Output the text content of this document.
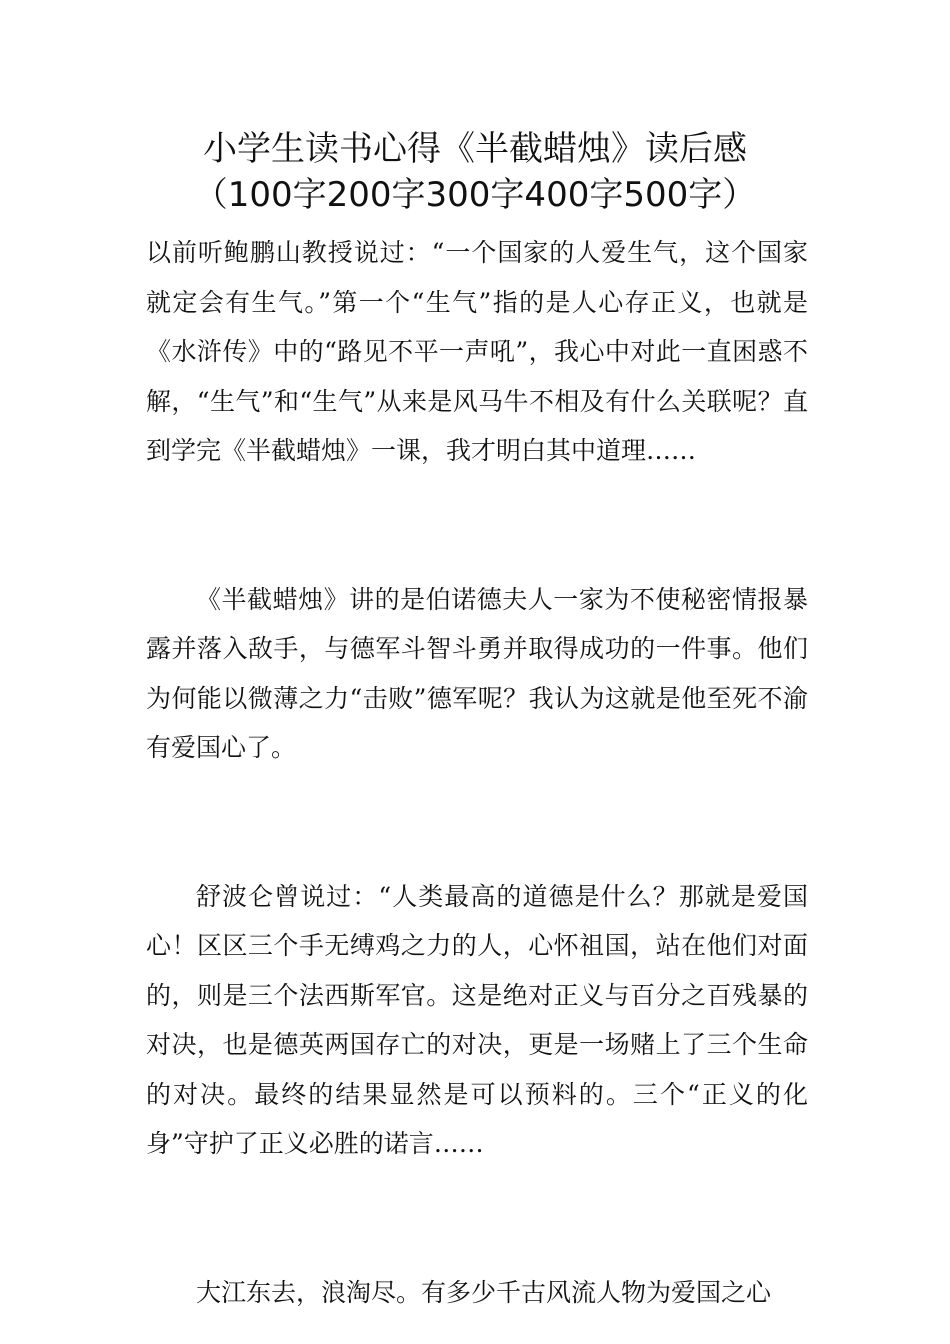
小学生读书心得《半截蜡烛》读后感
（100字200字300字400字500字）

以前听鲍鹏山教授说过：“一个国家的人爱生气，这个国家就定会有生气。”第一个“生气”指的是人心存正义，也就是《水浒传》中的“路见不平一声吼”，我心中对此一直困惑不解，“生气”和“生气”从来是风马牛不相及有什么关联呢？直到学完《半截蜡烛》一课，我才明白其中道理……

《半截蜡烛》讲的是伯诺德夫人一家为不使秘密情报暴露并落入敌手，与德军斗智斗勇并取得成功的一件事。他们为何能以微薄之力“击败”德军呢？我认为这就是他至死不渝有爱国心了。

舒波仑曾说过：“人类最高的道德是什么？那就是爱国心！区区三个手无缚鸡之力的人，心怀祖国，站在他们对面的，则是三个法西斯军官。这是绝对正义与百分之百残暴的对决，也是德英两国存亡的对决，更是一场赌上了三个生命的对决。最终的结果显然是可以预料的。三个“正义的化身”守护了正义必胜的诺言……

大江东去，浪淘尽。有多少千古风流人物为爱国之心
